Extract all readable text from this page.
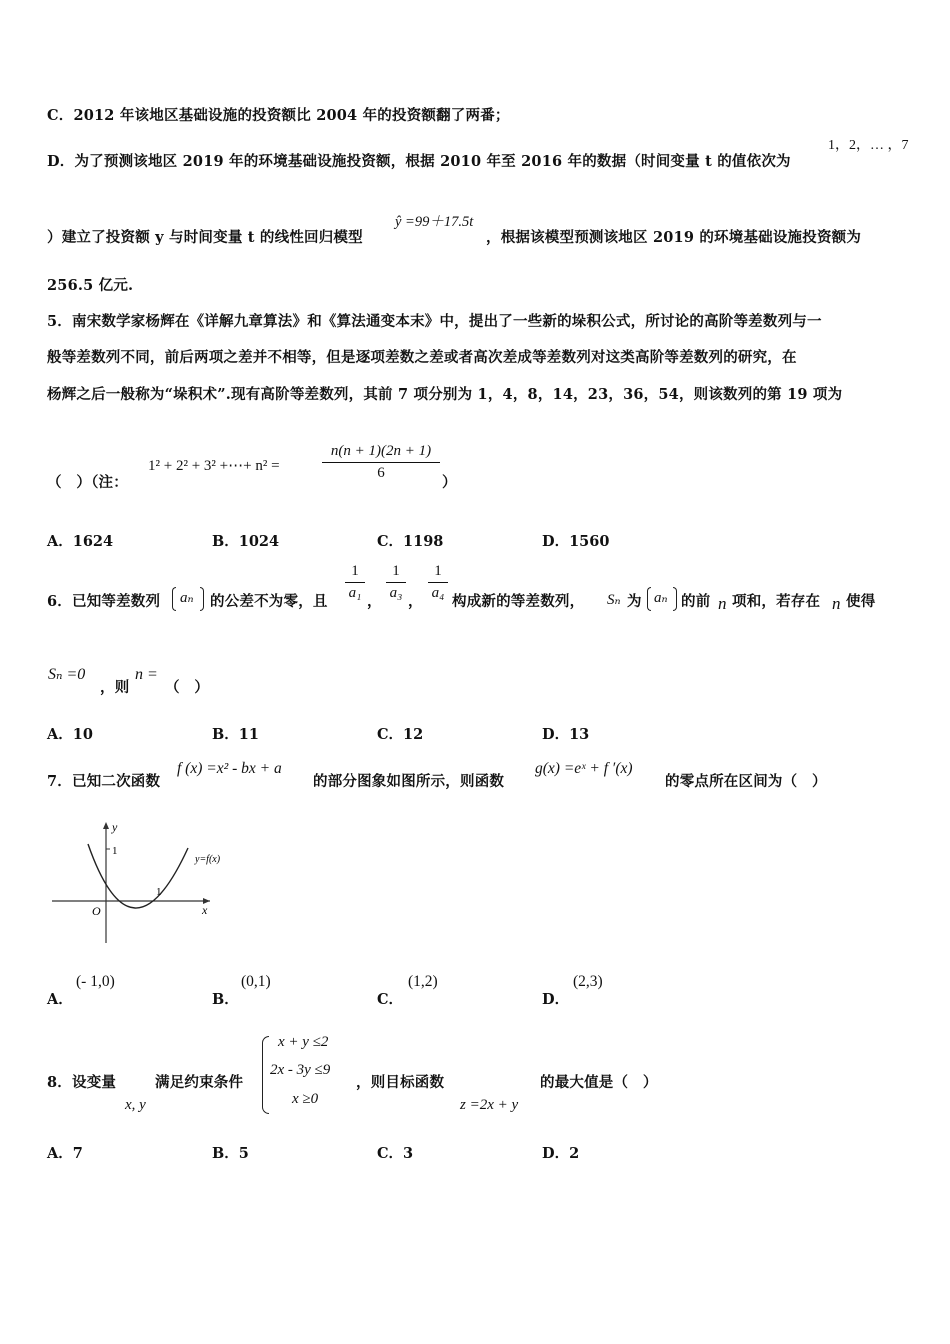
C．2012 年该地区基础设施的投资额比 2004 年的投资额翻了两番；
D．为了预测该地区 2019 年的环境基础设施投资额，根据 2010 年至 2016 年的数据（时间变量 t 的值依次为
1，2，… ，7
）建立了投资额 y 与时间变量 t 的线性回归模型
ŷ =99＋17.5t
，根据该模型预测该地区 2019 的环境基础设施投资额为
256.5 亿元.
5．南宋数学家杨辉在《详解九章算法》和《算法通变本末》中，提出了一些新的垛积公式，所讨论的高阶等差数列与一
般等差数列不同，前后两项之差并不相等，但是逐项差数之差或者高次差成等差数列对这类高阶等差数列的研究，在
杨辉之后一般称为“垛积术”.现有高阶等差数列，其前 7 项分别为 1，4，8，14，23，36，54，则该数列的第 19 项为
（　）（注：
1² + 2² + 3² +⋯+ n² =
n(n + 1)(2n + 1)
6
）
A．1624	B．1024	C．1198	D．1560
6．已知等差数列 aₙ 的公差不为零，且
1
a₁ ，
1
a₃ ，
1
a₄ 构成新的等差数列， Sₙ 为 aₙ 的前 n 项和，若存在 n 使得
Sₙ =0
，则
n =
（　）
A．10	B．11	C．12	D．13
7．已知二次函数
f (x) =x² - bx + a
的部分图象如图所示，则函数
g(x) =eˣ + f ′(x)
的零点所在区间为（　）
y
x
O
1
1
y=f(x)
A．
(- 1,0)
B．
(0,1)
C．
(1,2)
D．
(2,3)
8．设变量
x, y
满足约束条件
x + y ≤2
2x - 3y ≤9
x ≥0
，则目标函数
z =2x + y
的最大值是（　）
A．7	B．5	C．3	D．2
